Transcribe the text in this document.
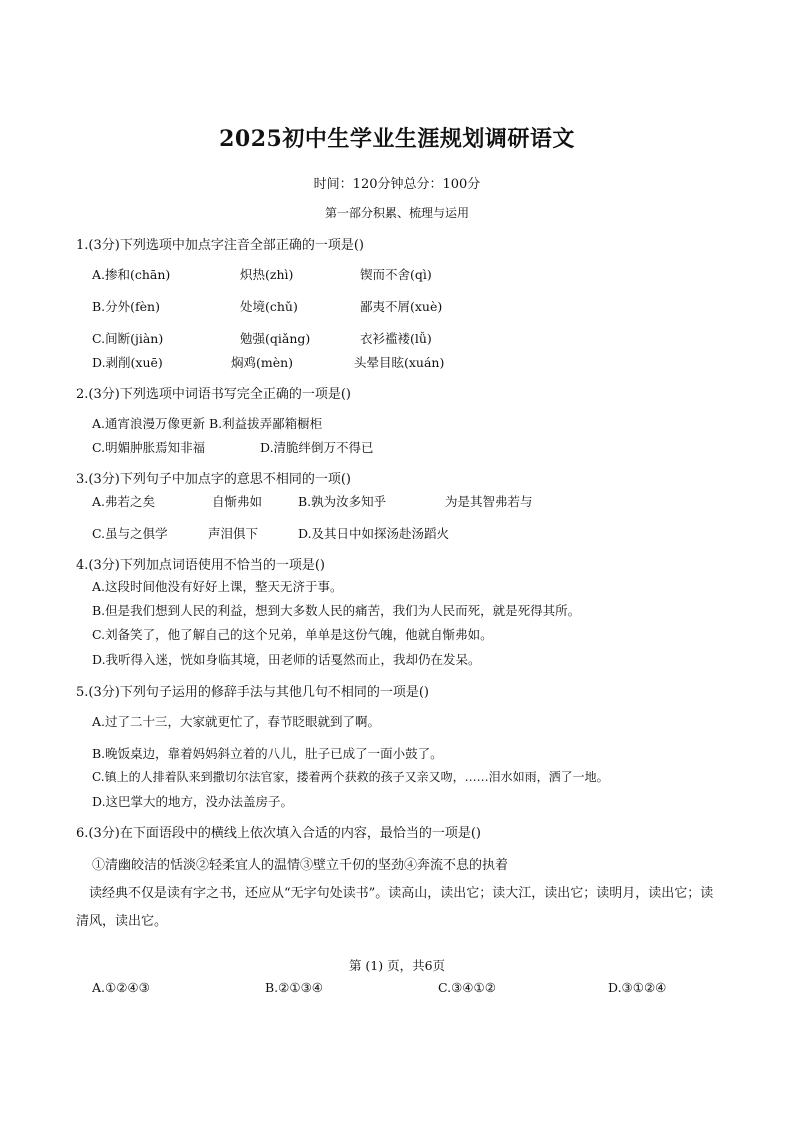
2025初中生学业生涯规划调研语文
时间：120分钟总分：100分
第一部分积累、梳理与运用
1.(3分)下列选项中加点字注音全部正确的一项是()
A.掺和(chān)	炽热(zhì)	锲而不舍(qì)
B.分外(fèn)	处境(chǔ)	鄙夷不屑(xuè)
C.间断(jiàn)	勉强(qiǎng)	衣衫褴褛(lǚ)
D.剥削(xuē)	焖鸡(mèn)	头晕目眩(xuán)
2.(3分)下列选项中词语书写完全正确的一项是()
A.通宵浪漫万像更新 B.利益拔弄鄙箱橱柜
C.明媚肿胀焉知非福	D.清脆绊倒万不得已
3.(3分)下列句子中加点字的意思不相同的一项()
A.弗若之矣	自惭弗如	B.孰为汝多知乎	为是其智弗若与
C.虽与之俱学	声泪俱下	D.及其日中如探汤赴汤蹈火
4.(3分)下列加点词语使用不恰当的一项是()
A.这段时间他没有好好上课，整天无济于事。
B.但是我们想到人民的利益，想到大多数人民的痛苦，我们为人民而死，就是死得其所。
C.刘备笑了，他了解自己的这个兄弟，单单是这份气魄，他就自惭弗如。
D.我听得入迷，恍如身临其境，田老师的话戛然而止，我却仍在发呆。
5.(3分)下列句子运用的修辞手法与其他几句不相同的一项是()
A.过了二十三，大家就更忙了，春节眨眼就到了啊。
B.晚饭桌边，靠着妈妈斜立着的八儿，肚子已成了一面小鼓了。
C.镇上的人排着队来到撒切尔法官家，搂着两个获救的孩子又亲又吻，……泪水如雨，洒了一地。
D.这巴掌大的地方，没办法盖房子。
6.(3分)在下面语段中的横线上依次填入合适的内容，最恰当的一项是()
①清幽皎洁的恬淡②轻柔宜人的温情③壁立千仞的坚劲④奔流不息的执着
读经典不仅是读有字之书，还应从“无字句处读书”。读高山，读出它；读大江，读出它；读明月，读出它；读清风，读出它。
第 (1) 页，共6页
A.①②④③	B.②①③④	C.③④①②	D.③①②④
